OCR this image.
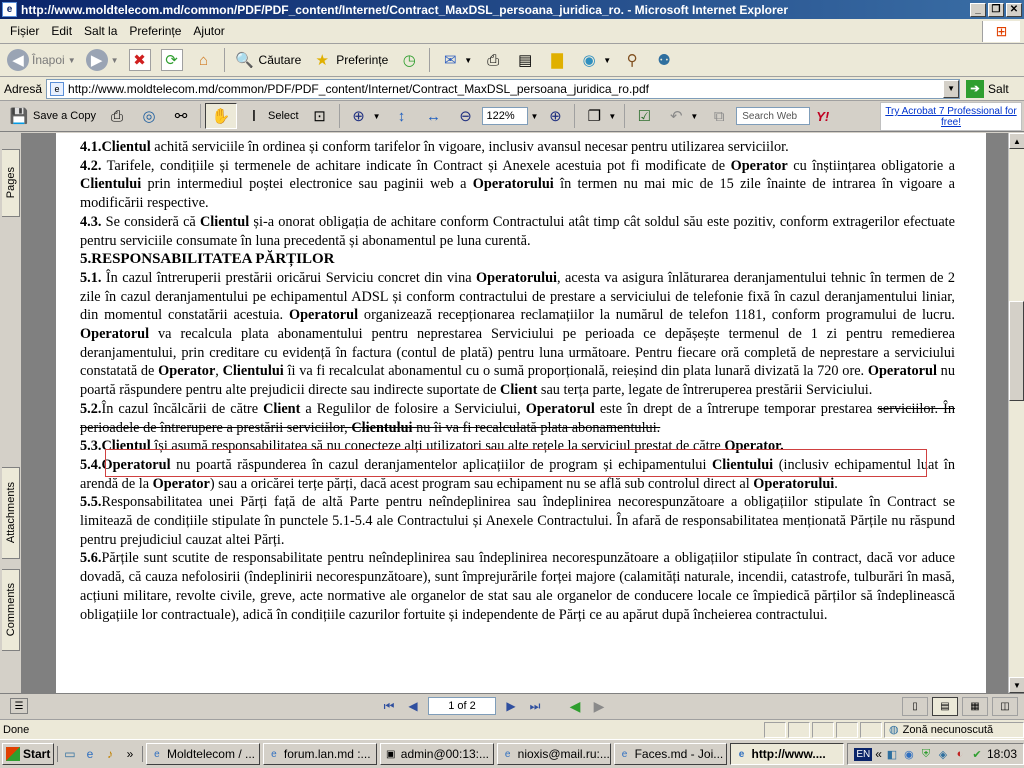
e http://www.moldtelecom.md/common/PDF/PDF_content/Internet/Contract_MaxDSL_persoana_juridica_ro. - Microsoft Internet Explorer	_	❐ ✕
Fișier	Edit	Salt la	Preferințe	Ajutor	⊞
◀ Înapoi ▼	▶	▼ ✖	⟳	⌂	🔍 Căutare ★ Preferințe ◷	✉ ▼ ⎙	▤	▇	◉ ▼	⚲	⚉
Adresă	e http://www.moldtelecom.md/common/PDF/PDF_content/Internet/Contract_MaxDSL_persoana_juridica_ro.pdf	▼	➔ Salt
💾 Save a Copy ⎙	◎	⚯	✋	Ⅰ	Select ⊡	⊕ ▼	↕	↔	⊖	122%	▼ ⊕	❐ ▼ ☑	↶ ▼	⧉	Search Web	Y!	Try Acrobat 7 Professional for free!
Pages
Attachments
Comments

4.1.Clientul achită serviciile în ordinea și conform tarifelor în vigoare, inclusiv avansul necesar pentru utilizarea serviciilor.

4.2. Tarifele, condițiile și termenele de achitare indicate în Contract și Anexele acestuia pot fi modificate de Operator cu înștiințarea obligatorie a Clientului prin intermediul poștei electronice sau paginii web a Operatorului în termen nu mai mic de 15 zile înainte de intrarea în vigoare a modificării respective.

4.3. Se consideră că Clientul și-a onorat obligația de achitare conform Contractului atât timp cât soldul său este pozitiv, conform extragerilor efectuate pentru serviciile consumate în luna precedentă și abonamentul pe luna curentă.

5.RESPONSABILITATEA PĂRȚILOR

5.1. În cazul întreruperii prestării oricărui Serviciu concret din vina Operatorului, acesta va asigura înlăturarea deranjamentului tehnic în termen de 2 zile în cazul deranjamentului pe echipamentul ADSL și conform contractului de prestare a serviciului de telefonie fixă în cazul deranjamentului liniar, din momentul constatării acestuia. Operatorul organizează recepționarea reclamațiilor la numărul de telefon 1181, conform programului de lucru. Operatorul va recalcula plata abonamentului pentru neprestarea Serviciului pe perioada ce depășește termenul de 1 zi pentru remedierea deranjamentului, prin creditare cu evidență în factura (contul de plată) pentru luna următoare. Pentru fiecare oră completă de neprestare a serviciului constatată de Operator, Clientului îi va fi recalculat abonamentul cu o sumă proporțională, reieșind din plata lunară divizată la 720 ore. Operatorul nu poartă răspundere pentru alte prejudicii directe sau indirecte suportate de Client sau terța parte, legate de întreruperea prestării Serviciului.

5.2.În cazul încălcării de către Client a Regulilor de folosire a Serviciului, Operatorul este în drept de a întrerupe temporar prestarea serviciilor. În perioadele de întrerupere a prestării serviciilor, Clientului nu îi va fi recalculată plata abonamentului.

5.3.Clientul își asumă responsabilitatea să nu conecteze alți utilizatori sau alte rețele la serviciul prestat de către Operator.

5.4.Operatorul nu poartă răspunderea în cazul deranjamentelor aplicațiilor de program și echipamentului Clientului (inclusiv echipamentul luat în arendă de la Operator) sau a oricărei terțe părți, dacă acest program sau echipament nu se află sub controlul direct al Operatorului.

5.5.Responsabilitatea unei Părți față de altă Parte pentru neîndeplinirea sau îndeplinirea necorespunzătoare a obligațiilor stipulate în Contract se limitează de condițiile stipulate în punctele 5.1-5.4 ale Contractului și Anexele Contractului. În afară de responsabilitatea menționată Părțile nu răspund pentru prejudiciul cauzat altei Părți.

5.6.Părțile sunt scutite de responsabilitate pentru neîndeplinirea sau îndeplinirea necorespunzătoare a obligațiilor stipulate în contract, dacă vor aduce dovadă, că cauza nefolosirii (îndeplinirii necorespunzătoare), sunt împrejurările forței majore (calamități naturale, incendii, catastrofe, tulburări în masă, acțiuni militare, revolte civile, greve, acte normative ale organelor de stat sau ale organelor de conducere locale ce împiedică părților să îndeplinească obligațiile lor contractuale), adică în condițiile cazurilor fortuite și independente de Părți ce au apărut după încheierea contractului.

▲
▼
☰	⏮	◀	1 of 2	▶	⏭ ◀ ▶	▯	▤	▦	◫
Done	◍ Zonă necunoscută
Start ▭ e	♪	»	e Moldtelecom / ...	e forum.lan.md :... ▣ admin@00:13:...	e nioxis@mail.ru:...	e Faces.md - Joi...	e http://www....	EN « ◧ ◉ ⛨ ◈ ◐ ✔ 18:03
